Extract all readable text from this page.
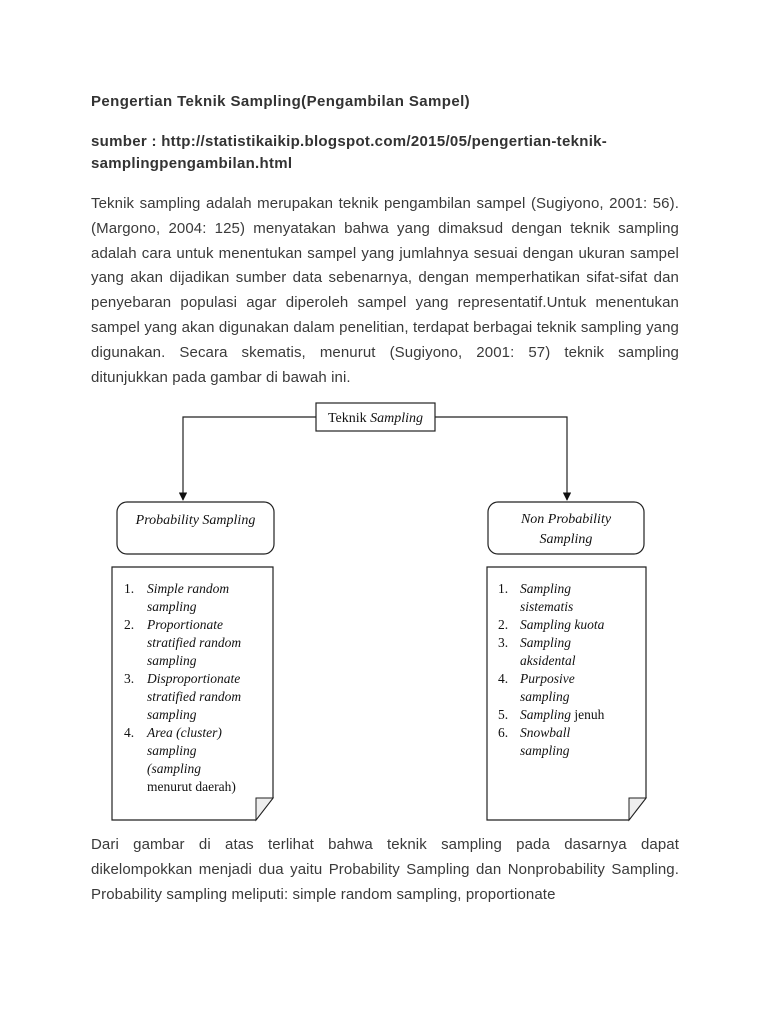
Pengertian Teknik Sampling(Pengambilan Sampel)
sumber : http://statistikaikip.blogspot.com/2015/05/pengertian-teknik-
samplingpengambilan.html
Teknik sampling adalah merupakan teknik pengambilan sampel (Sugiyono, 2001: 56). (Margono, 2004: 125) menyatakan bahwa yang dimaksud dengan teknik sampling adalah cara untuk menentukan sampel yang jumlahnya sesuai dengan ukuran sampel yang akan dijadikan sumber data sebenarnya, dengan memperhatikan sifat-sifat dan penyebaran populasi agar diperoleh sampel yang representatif.Untuk menentukan sampel yang akan digunakan dalam penelitian, terdapat berbagai teknik sampling yang digunakan. Secara skematis, menurut (Sugiyono, 2001: 57) teknik sampling ditunjukkan pada gambar di bawah ini.
Teknik Sampling
Probability Sampling	Non Probability
Sampling
1. Simple random
sampling
2. Proportionate
stratified random
sampling
3. Disproportionate
stratified random
sampling
4. Area (cluster)
sampling
(sampling
menurut daerah)
1. Sampling
sistematis
2. Sampling kuota
3. Sampling
aksidental
4. Purposive
sampling
5. Sampling jenuh
6. Snowball
sampling
Dari gambar di atas terlihat bahwa teknik sampling pada dasarnya dapat dikelompokkan menjadi dua yaitu Probability Sampling dan Nonprobability Sampling. Probability sampling meliputi: simple random sampling, proportionate
